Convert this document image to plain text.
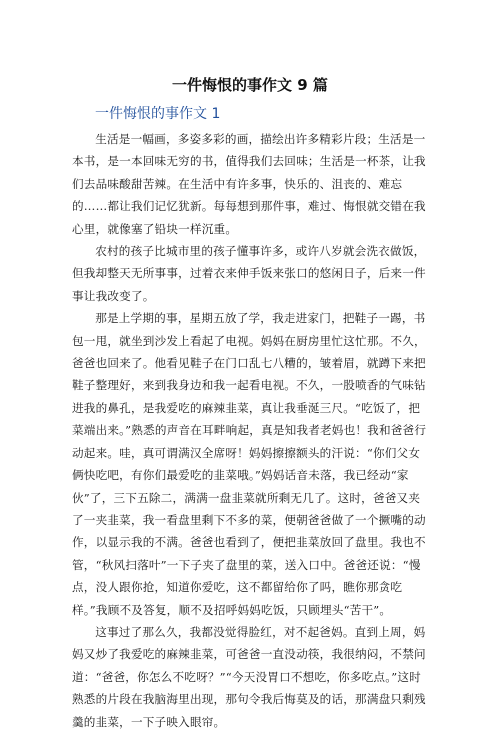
一件悔恨的事作文 9 篇
一件悔恨的事作文 1

生活是一幅画，多姿多彩的画，描绘出许多精彩片段；生活是一本书，是一本回味无穷的书，值得我们去回味；生活是一杯茶，让我们去品味酸甜苦辣。在生活中有许多事，快乐的、沮丧的、难忘的……都让我们记忆犹新。每每想到那件事，难过、悔恨就交错在我心里，就像塞了铅块一样沉重。

农村的孩子比城市里的孩子懂事许多，或许八岁就会洗衣做饭，但我却整天无所事事，过着衣来伸手饭来张口的悠闲日子，后来一件事让我改变了。

那是上学期的事，星期五放了学，我走进家门，把鞋子一踢，书包一甩，就坐到沙发上看起了电视。妈妈在厨房里忙这忙那。不久，爸爸也回来了。他看见鞋子在门口乱七八糟的，皱着眉，就蹲下来把鞋子整理好，来到我身边和我一起看电视。不久，一股喷香的气味钻进我的鼻孔，是我爱吃的麻辣韭菜，真让我垂涎三尺。“吃饭了，把菜端出来。”熟悉的声音在耳畔响起，真是知我者老妈也！我和爸爸行动起来。哇，真可谓满汉全席呀！妈妈擦擦额头的汗说：“你们父女俩快吃吧，有你们最爱吃的韭菜哦。”妈妈话音未落，我已经动“家伙”了，三下五除二，满满一盘韭菜就所剩无几了。这时，爸爸又夹了一夹韭菜，我一看盘里剩下不多的菜，便朝爸爸做了一个撅嘴的动作，以显示我的不满。爸爸也看到了，便把韭菜放回了盘里。我也不管，“秋风扫落叶”一下子夹了盘里的菜，送入口中。爸爸还说：“慢点，没人跟你抢，知道你爱吃，这不都留给你了吗，瞧你那贪吃样。”我顾不及答复，顺不及招呼妈妈吃饭，只顾埋头“苦干”。

这事过了那么久，我都没觉得脸红，对不起爸妈。直到上周，妈妈又炒了我爱吃的麻辣韭菜，可爸爸一直没动筷，我很纳闷，不禁问道：“爸爸，你怎么不吃呀？”“今天没胃口不想吃，你多吃点。”这时熟悉的片段在我脑海里出现，那句令我后悔莫及的话，那满盘只剩残羹的韭菜，一下子映入眼帘。
